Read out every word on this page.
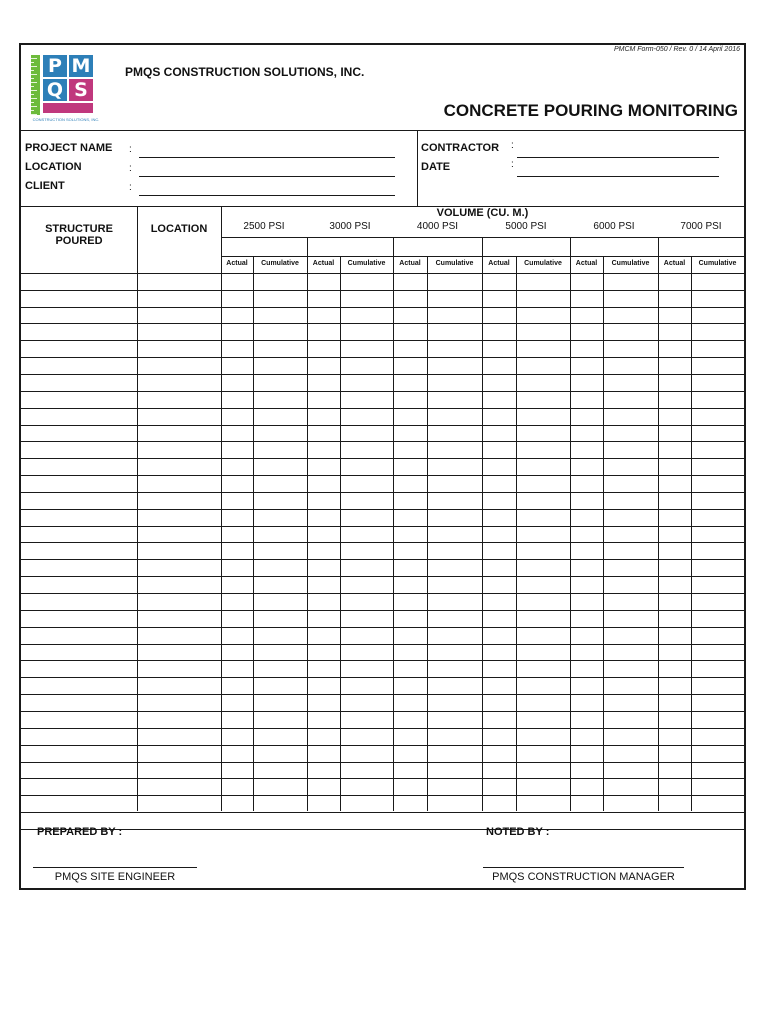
PMCM Form-050 / Rev. 0 / 14 April 2016
P M
Q S
CONSTRUCTION SOLUTIONS, INC.
PMQS CONSTRUCTION SOLUTIONS, INC.
CONCRETE POURING MONITORING
PROJECT NAME :
LOCATION	:
CLIENT	:
CONTRACTOR :
DATE	:
STRUCTURE POURED
LOCATION
VOLUME (CU. M.)
2500 PSI	3000 PSI	4000 PSI	5000 PSI	6000 PSI	7000 PSI
Actual	Cumulative	Actual	Cumulative	Actual	Cumulative	Actual	Cumulative	Actual	Cumulative	Actual	Cumulative
PREPARED BY :	NOTED BY :
PMQS SITE ENGINEER	PMQS CONSTRUCTION MANAGER
